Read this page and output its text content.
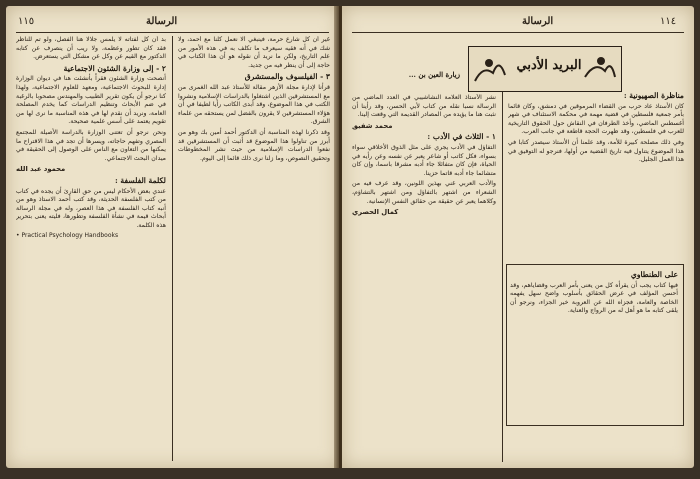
١١٥	الرسالة

غير أن كل شارع حرمة، فينبغي ألا نعمل كلنا مع أحمد، ولا شك في أنه فقيه سيعرف ما تكلف به في هذه الأمور من علم التاريخ، ولكن ما نريد أن نقوله هو أن هذا الكتاب في حاجة إلى أن ينظر فيه من جديد.

٣ - الفيلسوف والمستشرق

قرأنا لإدارة مجلة الأزهر مقالة للأستاذ عبد الله الغمرى من مع المستشرقين الذين اشتغلوا بالدراسات الإسلامية ونشروا الكتب في هذا الموضوع، وقد أبدى الكاتب رأيا لطيفا في أن هؤلاء المستشرقين لا يقرون بالفضل لمن يستحقه من علماء الشرق.

وقد ذكرنا لهذه المناسبة أن الدكتور أحمد أمين بك وهو من أبرز من تناولوا هذا الموضوع قد أثبت أن المستشرقين قد نفعوا الدراسات الإسلامية من حيث نشر المخطوطات وتحقيق النصوص، وما زلنا نرى ذلك قائما إلى اليوم.

بد أن كل لفتاته لا يلمس جلالا هنا الفصل، ولو تم للناظر فقد كان تطور وعظمة، ولا ريب أن ينصرف عن كتابه الدكتور مع القيم عن وكل عن مشكل التي يستعرض.

٢ - إلى وزارة الشئون الاجتماعية

أنصحت وزارة الشئون فقراً بأنشئت هنا في ديوان الوزارة إدارة للبحوث الاجتماعية، ومعهد للعلوم الاجتماعية، ولهذا كنا نرجو أن يكون تقرير الطبيب والمهندس مصحوبا بالرغبة في ضم الأبحاث وتنظيم الدراسات كما يخدم المصلحة العامة، ونريد أن نقدم لها في هذه المناسبة ما نرى لها من تقويم يعتمد على أسس علمية صحيحة.

ونحن نرجو أن تعتنى الوزارة بالدراسة الأصيلة للمجتمع المصري وتفهم حاجاته، ويسرها أن تجد في هذا الاقتراح ما يمكنها من التعاون مع الناس على الوصول إلى الحقيقة في ميدان البحث الاجتماعي.

محمود عبد الله
لكلمة الفلسفة :

عندي بعض الأحكام ليس من حق القارئ أن يجده في كتاب من كتب الفلسفة الحديثة، وقد كتب أحمد الاستاذ وهو من أنبه كتاب الفلسفة في هذا العصر، وله في مجلة الرسالة أبحاث قيمة في نشأة الفلسفة وتطورها، فليته يعنى بتحرير هذه الكلمة.

• Practical Psychology Handbooks
الرسالة	١١٤
البريد الأدبي
زيارة العين بن ...
مناظرة الصهيونية :

كان الأستاذ عاد حرب من القضاء المرموقين في دمشق، وكان قائما بأمر جمعية فلسطين في قضية مهمة في محكمة الاستئناف في شهر أغسطس الماضي، وأخذ الطرفان في النقاش حول الحقوق التاريخية للعرب في فلسطين، وقد ظهرت الحجة قاطعة في جانب العرب.

وفي ذلك مصلحة كبيرة للأمة، وقد علمنا أن الأستاذ سيصدر كتابا في هذا الموضوع يتناول فيه تاريخ القضية من أولها، فنرجو له التوفيق في هذا العمل الجليل.

على الطنطاوي

فيها كتاب يجب أن يقرأه كل من يعنى بأمر العرب وقضاياهم، وقد أحسن المؤلف في عرض الحقائق بأسلوب واضح سهل يفهمه الخاصة والعامة، فجزاه الله عن العروبة خير الجزاء، ونرجو أن يلقى كتابه ما هو أهل له من الرواج والعناية.

نشر الأستاذ العلامة النشاشيبي في العدد الماضي من الرسالة نسبا نقله من كتاب لأبي الحسن، وقد رأينا أن نثبت هنا ما يؤيده من المصادر القديمة التي وقعت إلينا.

محمد شفيق
١ - الثلاث في الأدب :

التفاؤل في الأدب يجري على مثل الذوق الأخلاقي سواء بسواء، فكل كاتب أو شاعر يعبر عن نفسه وعن رأيه في الحياة، فإن كان متفائلا جاء أدبه مشرقا باسما، وإن كان متشائما جاء أدبه قاتما حزينا.

والأدب العربي غني بهذين اللونين، وقد عرف فيه من الشعراء من اشتهر بالتفاؤل ومن اشتهر بالتشاؤم، وكلاهما يعبر عن حقيقة من حقائق النفس الإنسانية.

كمال الحصري
